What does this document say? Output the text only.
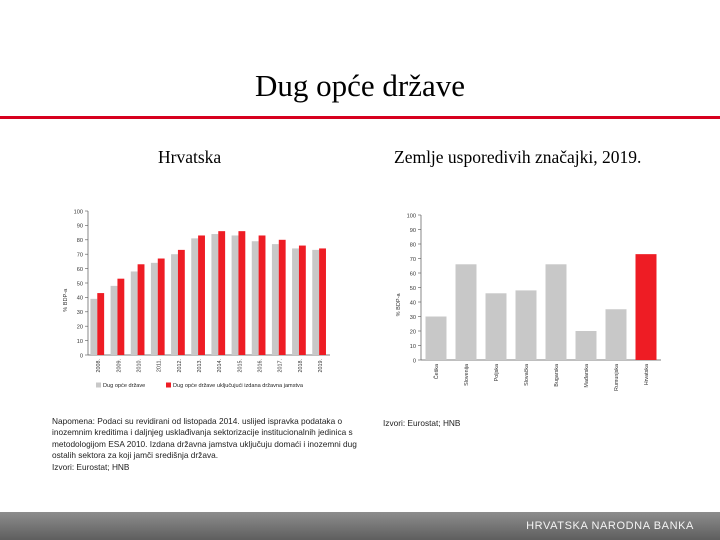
Dug opće države
Hrvatska	Zemlje usporedivih značajki, 2019.
0
10
20
30
40
50
60
70
80
90
100
% BDP-a
2008.	2009.	2010.	2011.	2012.	2013.	2014.	2015.	2016.	2017.	2018.	2019.
Dug opće države	Dug opće države uključujući izdana državna jamstva
0
10
20
30
40
50
60
70
80
90
100
% BDP-a
Češka	Slovenija	Poljska	Slovačka	Bugarska	Mađarska	Rumunjska	Hrvatska
Napomena: Podaci su revidirani od listopada 2014. uslijed ispravka podataka o inozemnim kreditima i daljnjeg usklađivanja sektorizacije institucionalnih jedinica s metodologijom ESA 2010. Izdana državna jamstva uključuju domaći i inozemni dug ostalih sektora za koji jamči središnja država.
Izvori: Eurostat; HNB
Izvori: Eurostat; HNB
HRVATSKA NARODNA BANKA
